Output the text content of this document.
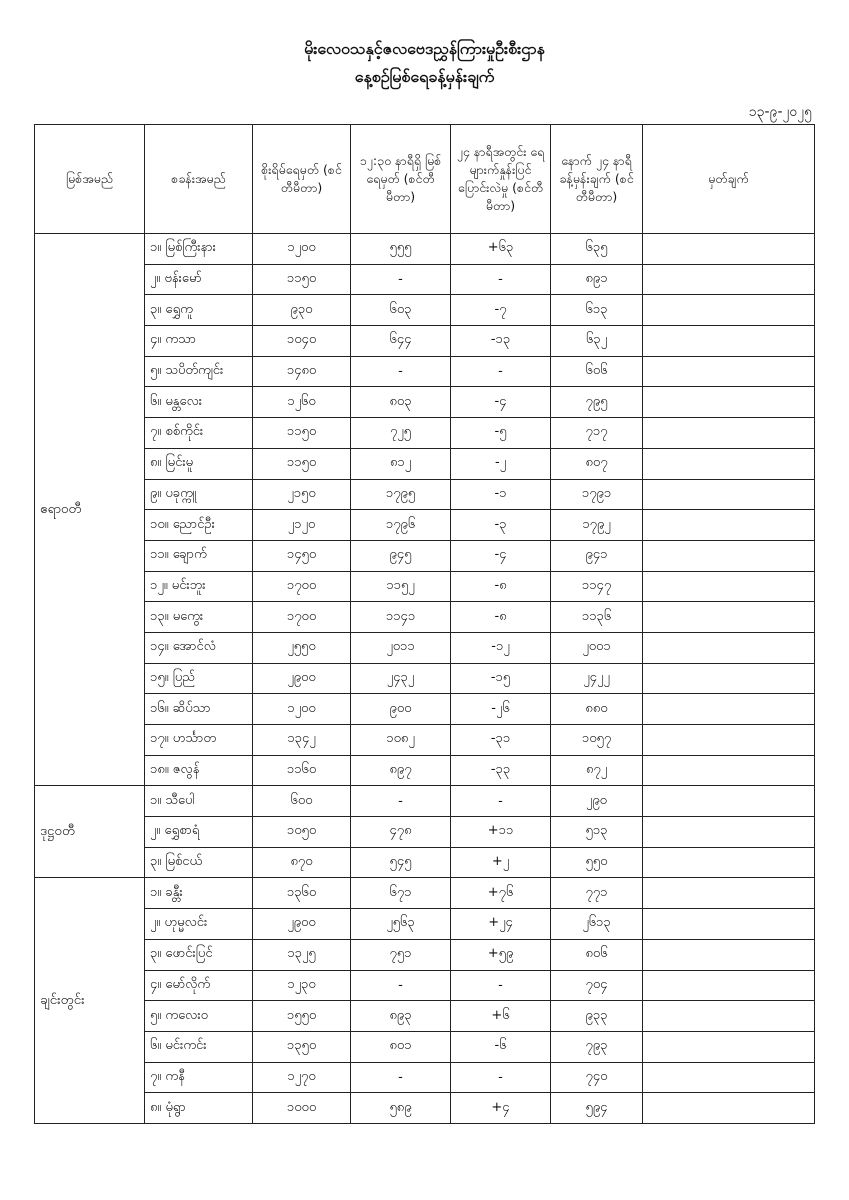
မိုးလေဝသနှင့်ဇလဗေဒညွှန်ကြားမှုဦးစီးဌာန
နေ့စဉ်မြစ်ရေခန့်မှန်းချက်
၁၃-၉-၂၀၂၅
မြစ်အမည်	စခန်းအမည်	စိုးရိမ်ရေမှတ် (စင်တီမီတာ)	၁၂:၃၀ နာရီရှိ မြစ်ရေမှတ် (စင်တီမီတာ)	၂၄ နာရီအတွင်း ရေများက်နှုန်းပြင် ပြောင်းလဲမှု (စင်တီမီတာ)	နောက် ၂၄ နာရီ ခန့်မှန်းချက် (စင်တီမီတာ)	မှတ်ချက်
ဧရာဝတီ	၁။ မြစ်ကြီးနား	၁၂၀၀	၅၅၅	+၆၃	၆၃၅	
	၂။ ဗန်းမော်	၁၁၅၀	-	-	၈၉၁	
	၃။ ရွှေကူ	၉၃၀	၆၀၃	-၇	၆၁၃	
	၄။ ကသာ	၁၀၄၀	၆၄၄	-၁၃	၆၃၂	
	၅။ သပိတ်ကျင်း	၁၄၈၀	-	-	၆၀၆	
	၆။ မန္တလေး	၁၂၆၀	၈၀၃	-၄	၇၉၅	
	၇။ စစ်ကိုင်း	၁၁၅၀	၇၂၅	-၅	၇၁၇	
	၈။ မြင်းမူ	၁၁၅၀	၈၁၂	-၂	၈၀၇	
	၉။ ပခုက္ကူ	၂၁၅၀	၁၇၉၅	-၁	၁၇၉၁	
	၁၀။ ညောင်ဦး	၂၁၂၀	၁၇၉၆	-၃	၁၇၉၂	
	၁၁။ ချောက်	၁၄၅၀	၉၄၅	-၄	၉၄၁	
	၁၂။ မင်းဘူး	၁၇၀၀	၁၁၅၂	-၈	၁၁၄၇	
	၁၃။ မကွေး	၁၇၀၀	၁၁၄၁	-၈	၁၁၃၆	
	၁၄။ အောင်လံ	၂၅၅၀	၂၀၁၁	-၁၂	၂၀၀၁	
	၁၅။ ပြည်	၂၉၀၀	၂၄၃၂	-၁၅	၂၄၂၂	
	၁၆။ ဆိပ်သာ	၁၂၀၀	၉၀၀	-၂၆	၈၈၀	
	၁၇။ ဟင်္သာတ	၁၃၄၂	၁၀၈၂	-၃၁	၁၀၅၇	
	၁၈။ ဇလွန်	၁၁၆၀	၈၉၇	-၃၃	၈၇၂	
ဒုဋ္ဌဝတီ	၁။ သီပေါ	၆၀၀	-	-	၂၉၀	
	၂။ ရွှေစာရံ	၁၀၅၀	၄၇၈	+၁၁	၅၁၃	
	၃။ မြစ်ငယ်	၈၇၀	၅၄၅	+၂	၅၅၀	
ချင်းတွင်း	၁။ ခန္တီး	၁၃၆၀	၆၇၁	+၇၆	၇၇၁	
	၂။ ဟုမ္မလင်း	၂၉၀၀	၂၅၆၃	+၂၄	၂၆၁၃	
	၃။ ဖောင်းပြင်	၁၃၂၅	၇၅၁	+၅၉	၈၀၆	
	၄။ မော်လိုက်	၁၂၃၀	-	-	၇၀၄	
	၅။ ကလေးဝ	၁၅၅၀	၈၉၃	+၆	၉၃၃	
	၆။ မင်းကင်း	၁၃၅၀	၈၀၁	-၆	၇၉၃	
	၇။ ကနီ	၁၂၇၀	-	-	၇၄၀	
	၈။ မုံရွာ	၁၀၀၀	၅၈၉	+၄	၅၉၄	
